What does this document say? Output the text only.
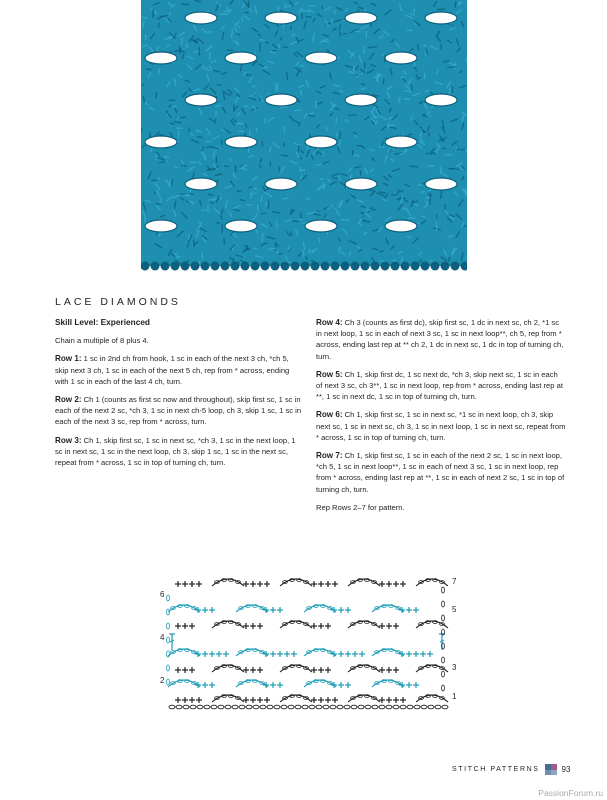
LACE DIAMONDS

Skill Level: Experienced

Chain a multiple of 8 plus 4.

Row 1: 1 sc in 2nd ch from hook, 1 sc in each of the next 3 ch, *ch 5, skip next 3 ch, 1 sc in each of the next 5 ch, rep from * across, ending with 1 sc in each of the last 4 ch, turn.

Row 2: Ch 1 (counts as first sc now and throughout), skip first sc, 1 sc in each of the next 2 sc, *ch 3, 1 sc in next ch-5 loop, ch 3, skip 1 sc, 1 sc in each of the next 3 sc, rep from * across, turn.

Row 3: Ch 1, skip first sc, 1 sc in next sc, *ch 3, 1 sc in the next loop, 1 sc in next sc, 1 sc in the next loop, ch 3, skip 1 sc, 1 sc in the next sc, repeat from * across, 1 sc in top of turning ch, turn.

Row 4: Ch 3 (counts as first dc), skip first sc, 1 dc in next sc, ch 2, *1 sc in next loop, 1 sc in each of next 3 sc, 1 sc in next loop**, ch 5, rep from * across, ending last rep at ** ch 2, 1 dc in next sc, 1 dc in top of turning ch, turn.

Row 5: Ch 1, skip first dc, 1 sc next dc, *ch 3, skip next sc, 1 sc in each of next 3 sc, ch 3**, 1 sc in next loop, rep from * across, ending last rep at **, 1 sc in next dc, 1 sc in top of turning ch, turn.

Row 6: Ch 1, skip first sc, 1 sc in next sc, *1 sc in next loop, ch 3, skip next sc, 1 sc in next sc, ch 3, 1 sc in next loop, 1 sc in next sc, repeat from * across, 1 sc in top of turning ch, turn.

Row 7: Ch 1, skip first sc, 1 sc in each of the next 2 sc, 1 sc in next loop, *ch 5, 1 sc in next loop**, 1 sc in each of next 3 sc, 1 sc in next loop, rep from * across, ending last rep at **, 1 sc in each of next 2 sc, 1 sc in top of turning ch, turn.

Rep Rows 2–7 for pattern.

6
4
2
7
5
3
1
STITCH PATTERNS	93
PassionForum.ru
